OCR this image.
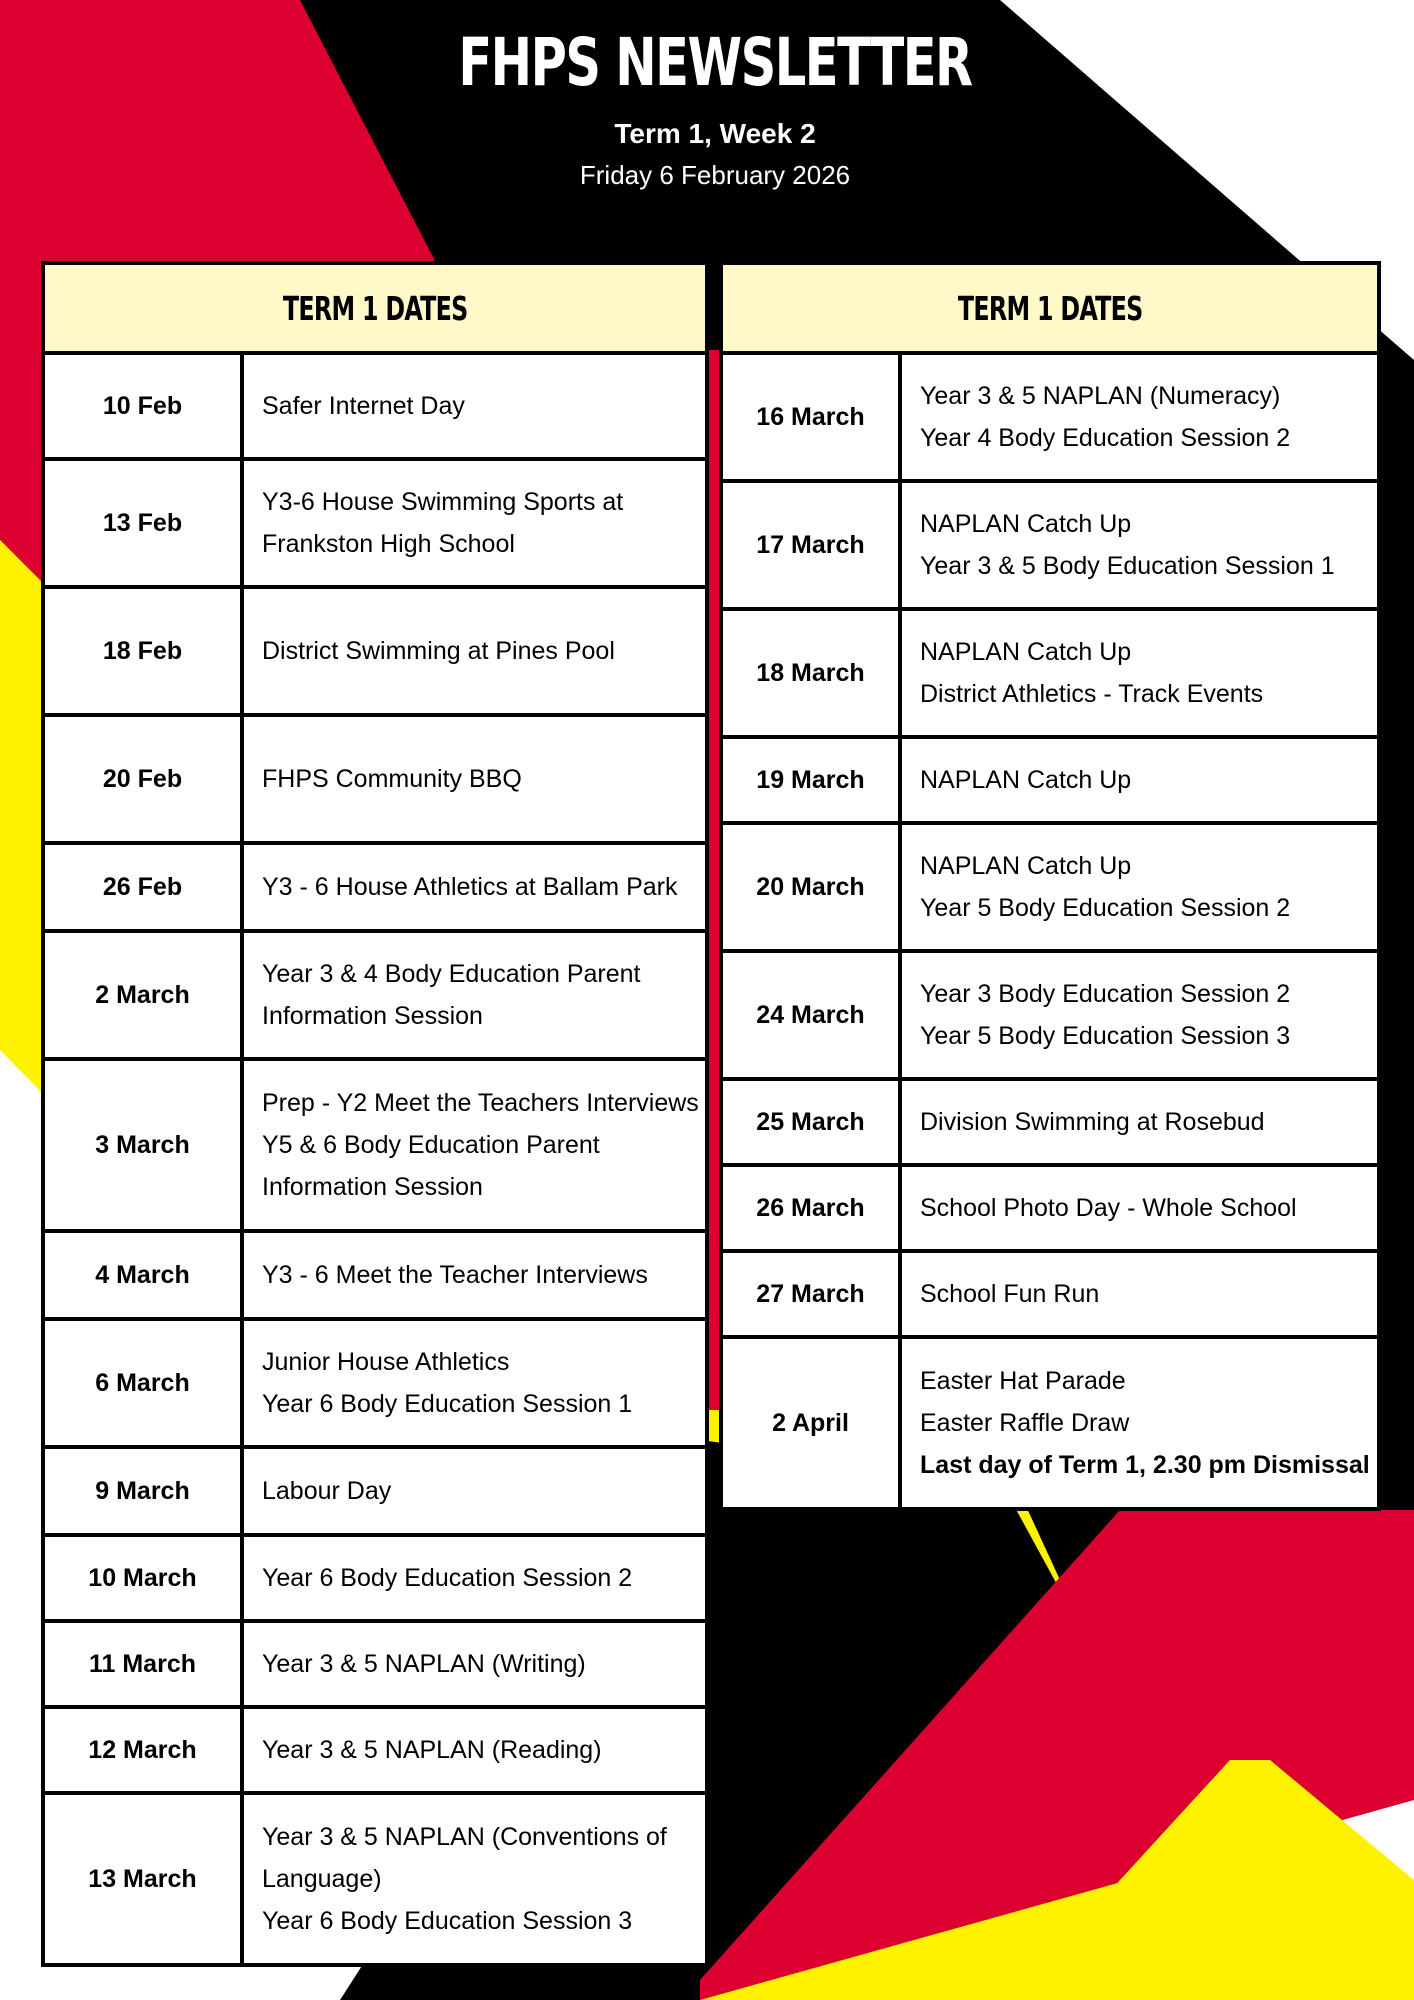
FHPS NEWSLETTER
Term 1, Week 2
Friday 6 February 2026
TERM 1 DATES	
10 Feb	Safer Internet Day

13 Feb	Y3-6 House Swimming Sports at
Frankston High School

18 Feb	District Swimming at Pines Pool

20 Feb	FHPS Community BBQ

26 Feb	Y3 - 6 House Athletics at Ballam Park

2 March	Year 3 & 4 Body Education Parent
Information Session

3 March	Prep - Y2 Meet the Teachers Interviews
Y5 & 6 Body Education Parent
Information Session

4 March	Y3 - 6 Meet the Teacher Interviews

6 March	Junior House Athletics
Year 6 Body Education Session 1

9 March	Labour Day

10 March	Year 6 Body Education Session 2

11 March	Year 3 & 5 NAPLAN (Writing)

12 March	Year 3 & 5 NAPLAN (Reading)

13 March	Year 3 & 5 NAPLAN (Conventions of
Language)
Year 6 Body Education Session 3
TERM 1 DATES	
16 March	Year 3 & 5 NAPLAN (Numeracy)
Year 4 Body Education Session 2

17 March	NAPLAN Catch Up
Year 3 & 5 Body Education Session 1

18 March	NAPLAN Catch Up
District Athletics - Track Events

19 March	NAPLAN Catch Up

20 March	NAPLAN Catch Up
Year 5 Body Education Session 2

24 March	Year 3 Body Education Session 2
Year 5 Body Education Session 3

25 March	Division Swimming at Rosebud

26 March	School Photo Day - Whole School

27 March	School Fun Run

2 April	Easter Hat Parade
Easter Raffle Draw
Last day of Term 1, 2.30 pm Dismissal
